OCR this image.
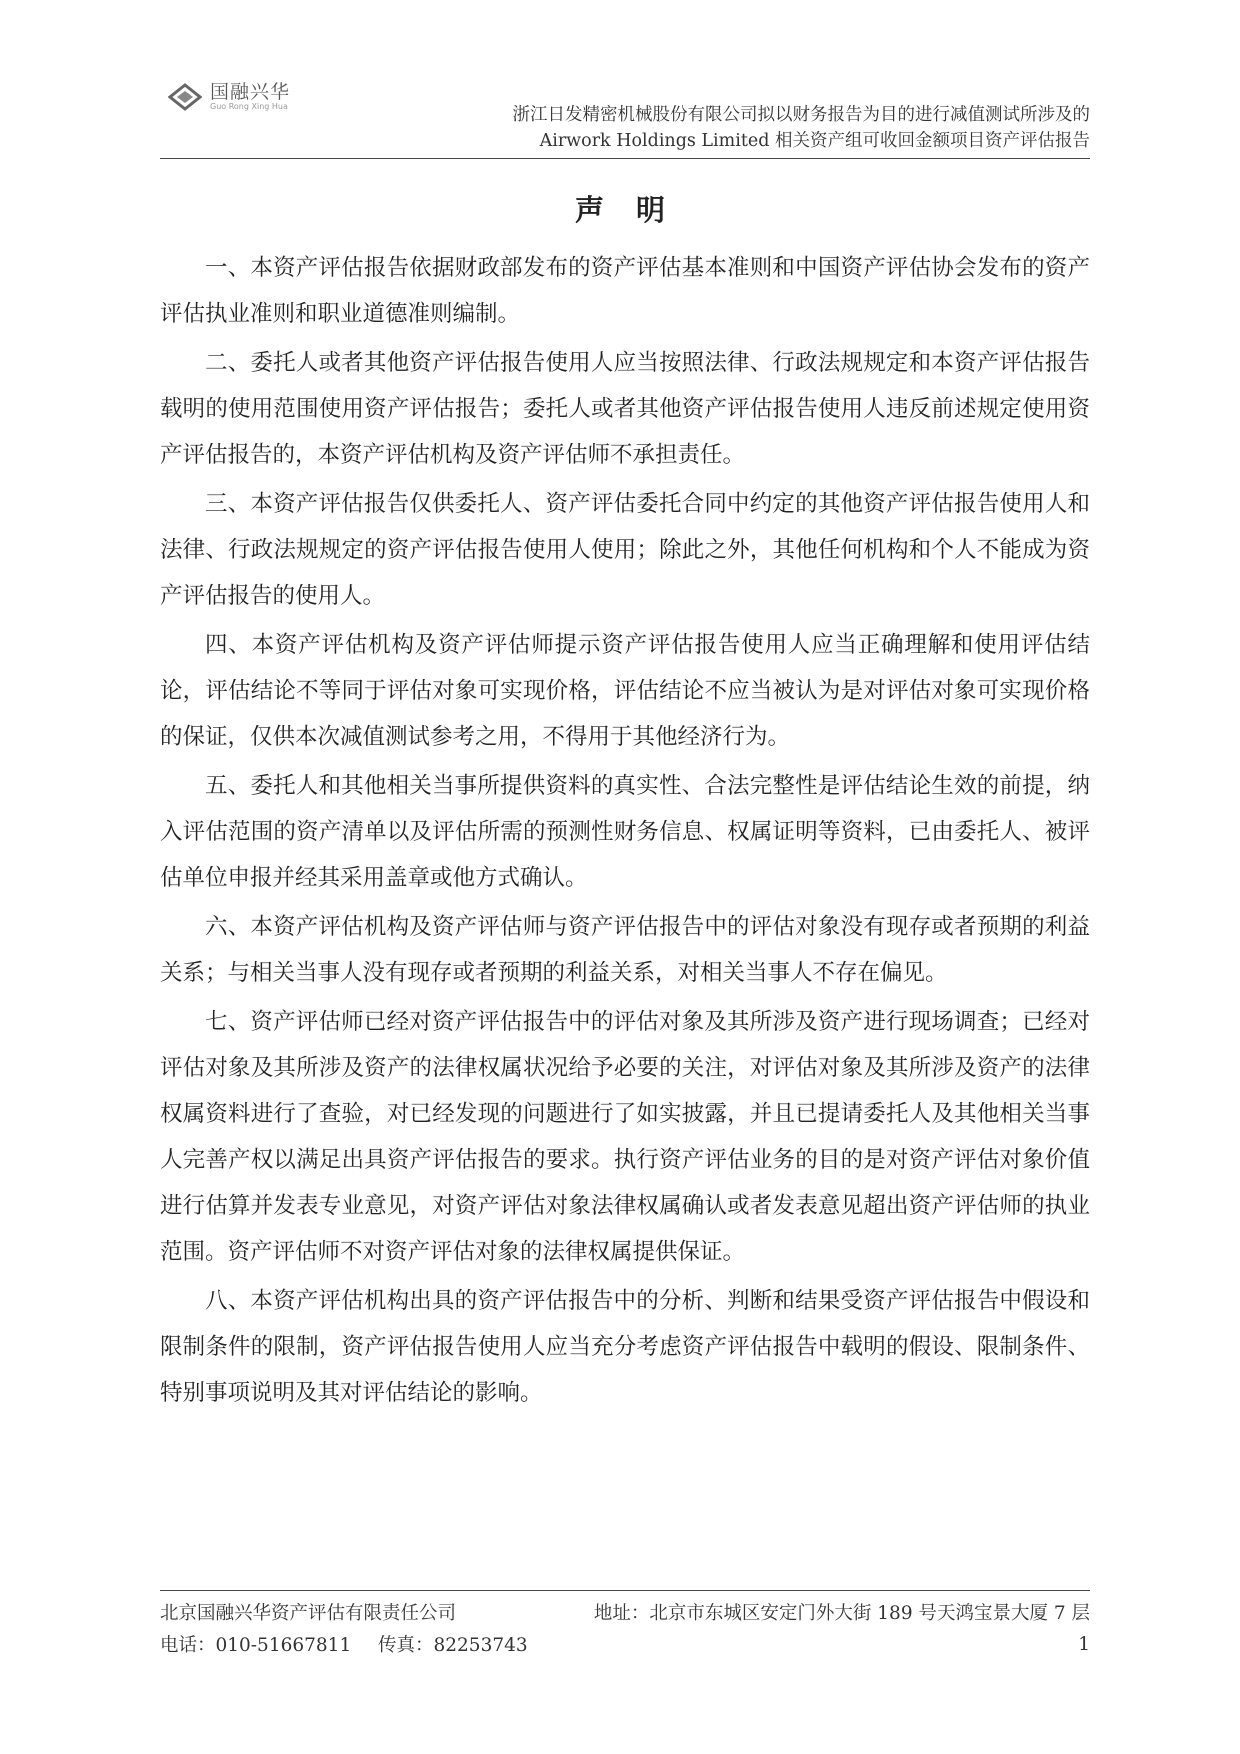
国融兴华
Guo Rong Xing Hua	浙江日发精密机械股份有限公司拟以财务报告为目的进行减值测试所涉及的
Airwork Holdings Limited 相关资产组可收回金额项目资产评估报告
声明

一、本资产评估报告依据财政部发布的资产评估基本准则和中国资产评估协会发布的资产评估执业准则和职业道德准则编制。

二、委托人或者其他资产评估报告使用人应当按照法律、行政法规规定和本资产评估报告载明的使用范围使用资产评估报告；委托人或者其他资产评估报告使用人违反前述规定使用资产评估报告的，本资产评估机构及资产评估师不承担责任。

三、本资产评估报告仅供委托人、资产评估委托合同中约定的其他资产评估报告使用人和法律、行政法规规定的资产评估报告使用人使用；除此之外，其他任何机构和个人不能成为资产评估报告的使用人。

四、本资产评估机构及资产评估师提示资产评估报告使用人应当正确理解和使用评估结论，评估结论不等同于评估对象可实现价格，评估结论不应当被认为是对评估对象可实现价格的保证，仅供本次减值测试参考之用，不得用于其他经济行为。

五、委托人和其他相关当事所提供资料的真实性、合法完整性是评估结论生效的前提，纳入评估范围的资产清单以及评估所需的预测性财务信息、权属证明等资料，已由委托人、被评估单位申报并经其采用盖章或他方式确认。

六、本资产评估机构及资产评估师与资产评估报告中的评估对象没有现存或者预期的利益关系；与相关当事人没有现存或者预期的利益关系，对相关当事人不存在偏见。

七、资产评估师已经对资产评估报告中的评估对象及其所涉及资产进行现场调查；已经对评估对象及其所涉及资产的法律权属状况给予必要的关注，对评估对象及其所涉及资产的法律权属资料进行了查验，对已经发现的问题进行了如实披露，并且已提请委托人及其他相关当事人完善产权以满足出具资产评估报告的要求。执行资产评估业务的目的是对资产评估对象价值进行估算并发表专业意见，对资产评估对象法律权属确认或者发表意见超出资产评估师的执业范围。资产评估师不对资产评估对象的法律权属提供保证。

八、本资产评估机构出具的资产评估报告中的分析、判断和结果受资产评估报告中假设和限制条件的限制，资产评估报告使用人应当充分考虑资产评估报告中载明的假设、限制条件、特别事项说明及其对评估结论的影响。

北京国融兴华资产评估有限责任公司	地址：北京市东城区安定门外大街 189 号天鸿宝景大厦 7 层
电话：010-51667811	传真：82253743	1
